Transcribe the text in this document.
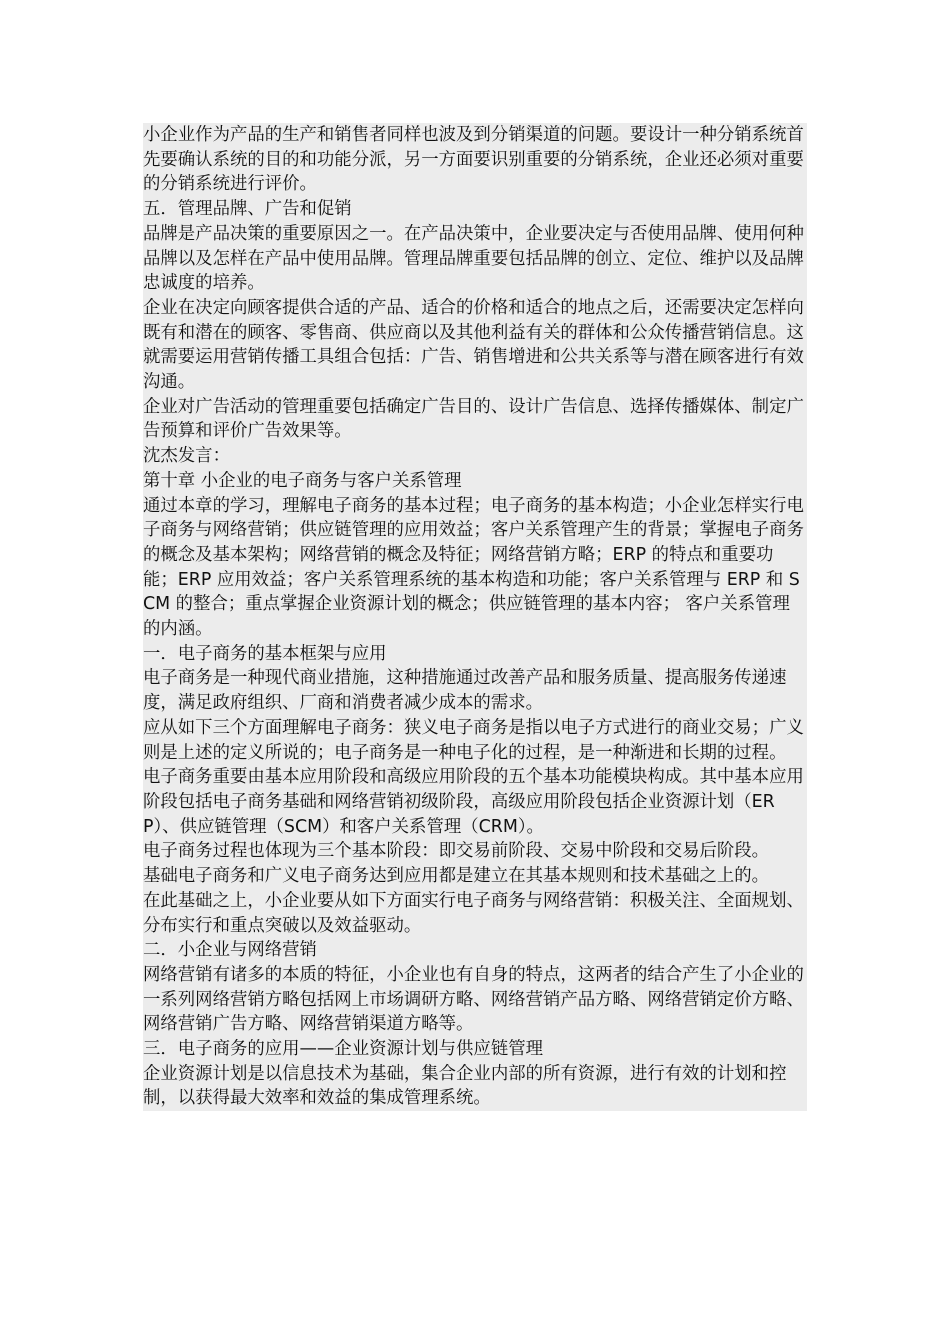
小企业作为产品的生产和销售者同样也波及到分销渠道的问题。要设计一种分销系统首先要确认系统的目的和功能分派，另一方面要识别重要的分销系统，企业还必须对重要的分销系统进行评价。

五．管理品牌、广告和促销

品牌是产品决策的重要原因之一。在产品决策中，企业要决定与否使用品牌、使用何种品牌以及怎样在产品中使用品牌。管理品牌重要包括品牌的创立、定位、维护以及品牌忠诚度的培养。

企业在决定向顾客提供合适的产品、适合的价格和适合的地点之后，还需要决定怎样向既有和潜在的顾客、零售商、供应商以及其他利益有关的群体和公众传播营销信息。这就需要运用营销传播工具组合包括：广告、销售增进和公共关系等与潜在顾客进行有效沟通。

企业对广告活动的管理重要包括确定广告目的、设计广告信息、选择传播媒体、制定广告预算和评价广告效果等。

沈杰发言：

第十章 小企业的电子商务与客户关系管理

通过本章的学习，理解电子商务的基本过程；电子商务的基本构造；小企业怎样实行电子商务与网络营销；供应链管理的应用效益；客户关系管理产生的背景；掌握电子商务的概念及基本架构；网络营销的概念及特征；网络营销方略；ERP 的特点和重要功能；ERP 应用效益；客户关系管理系统的基本构造和功能；客户关系管理与 ERP 和 SCM 的整合；重点掌握企业资源计划的概念；供应链管理的基本内容； 客户关系管理的内涵。

一．电子商务的基本框架与应用

电子商务是一种现代商业措施，这种措施通过改善产品和服务质量、提高服务传递速度，满足政府组织、厂商和消费者减少成本的需求。

应从如下三个方面理解电子商务：狭义电子商务是指以电子方式进行的商业交易；广义则是上述的定义所说的；电子商务是一种电子化的过程，是一种渐进和长期的过程。

电子商务重要由基本应用阶段和高级应用阶段的五个基本功能模块构成。其中基本应用阶段包括电子商务基础和网络营销初级阶段，高级应用阶段包括企业资源计划（ERP）、供应链管理（SCM）和客户关系管理（CRM）。

电子商务过程也体现为三个基本阶段：即交易前阶段、交易中阶段和交易后阶段。

基础电子商务和广义电子商务达到应用都是建立在其基本规则和技术基础之上的。

在此基础之上，小企业要从如下方面实行电子商务与网络营销：积极关注、全面规划、分布实行和重点突破以及效益驱动。

二．小企业与网络营销

网络营销有诸多的本质的特征，小企业也有自身的特点，这两者的结合产生了小企业的一系列网络营销方略包括网上市场调研方略、网络营销产品方略、网络营销定价方略、网络营销广告方略、网络营销渠道方略等。

三．电子商务的应用——企业资源计划与供应链管理

企业资源计划是以信息技术为基础，集合企业内部的所有资源，进行有效的计划和控制，以获得最大效率和效益的集成管理系统。
